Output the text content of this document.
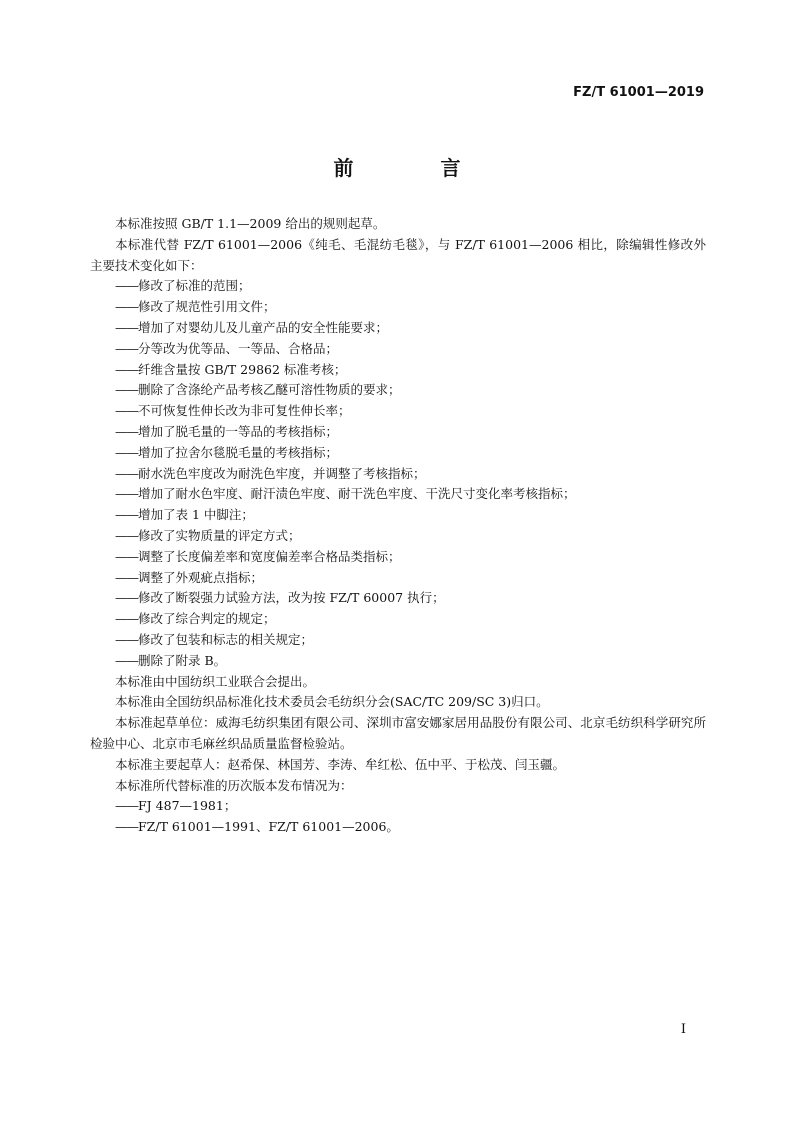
FZ/T 61001—2019
前 言

本标准按照 GB/T 1.1—2009 给出的规则起草。

本标准代替 FZ/T 61001—2006《纯毛、毛混纺毛毯》，与 FZ/T 61001—2006 相比，除编辑性修改外主要技术变化如下：

——修改了标准的范围；
——修改了规范性引用文件；
——增加了对婴幼儿及儿童产品的安全性能要求；
——分等改为优等品、一等品、合格品；
——纤维含量按 GB/T 29862 标准考核；
——删除了含涤纶产品考核乙醚可溶性物质的要求；
——不可恢复性伸长改为非可复性伸长率；
——增加了脱毛量的一等品的考核指标；
——增加了拉舍尔毯脱毛量的考核指标；
——耐水洗色牢度改为耐洗色牢度，并调整了考核指标；
——增加了耐水色牢度、耐汗渍色牢度、耐干洗色牢度、干洗尺寸变化率考核指标；
——增加了表 1 中脚注；
——修改了实物质量的评定方式；
——调整了长度偏差率和宽度偏差率合格品类指标；
——调整了外观疵点指标；
——修改了断裂强力试验方法，改为按 FZ/T 60007 执行；
——修改了综合判定的规定；
——修改了包装和标志的相关规定；
——删除了附录 B。

本标准由中国纺织工业联合会提出。

本标准由全国纺织品标准化技术委员会毛纺织分会(SAC/TC 209/SC 3)归口。

本标准起草单位：威海毛纺织集团有限公司、深圳市富安娜家居用品股份有限公司、北京毛纺织科学研究所检验中心、北京市毛麻丝织品质量监督检验站。

本标准主要起草人：赵希保、林国芳、李涛、牟红松、伍中平、于松茂、闫玉疆。

本标准所代替标准的历次版本发布情况为：

——FJ 487—1981；
——FZ/T 61001—1991、FZ/T 61001—2006。
I
